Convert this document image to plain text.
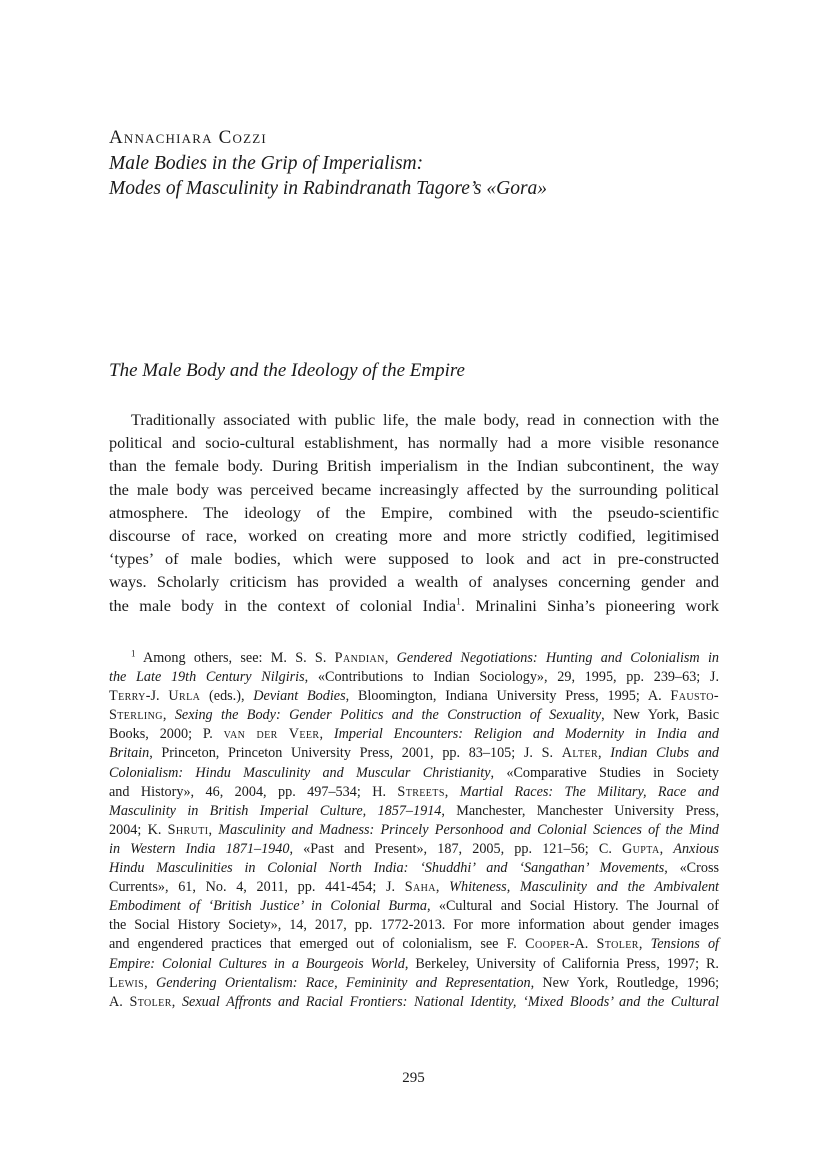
Annachiara Cozzi
Male Bodies in the Grip of Imperialism:
Modes of Masculinity in Rabindranath Tagore’s «Gora»
The Male Body and the Ideology of the Empire
Traditionally associated with public life, the male body, read in connection with the
political and socio-cultural establishment, has normally had a more visible resonance
than the female body. During British imperialism in the Indian subcontinent, the way
the male body was perceived became increasingly affected by the surrounding political
atmosphere. The ideology of the Empire, combined with the pseudo-scientific
discourse of race, worked on creating more and more strictly codified, legitimised
‘types’ of male bodies, which were supposed to look and act in pre-constructed
ways. Scholarly criticism has provided a wealth of analyses concerning gender and
the male body in the context of colonial India$^1$. Mrinalini Sinha’s pioneering work
$^1$ Among others, see: M. S. S. Pandian, Gendered Negotiations: Hunting and Colonialism in
the Late 19th Century Nilgiris, «Contributions to Indian Sociology», 29, 1995, pp. 239–63; J.
Terry-J. Urla (eds.), Deviant Bodies, Bloomington, Indiana University Press, 1995; A. Fausto-
Sterling, Sexing the Body: Gender Politics and the Construction of Sexuality, New York, Basic
Books, 2000; P. van der Veer, Imperial Encounters: Religion and Modernity in India and
Britain, Princeton, Princeton University Press, 2001, pp. 83–105; J. S. Alter, Indian Clubs and
Colonialism: Hindu Masculinity and Muscular Christianity, «Comparative Studies in Society
and History», 46, 2004, pp. 497–534; H. Streets, Martial Races: The Military, Race and
Masculinity in British Imperial Culture, 1857–1914, Manchester, Manchester University Press,
2004; K. Shruti, Masculinity and Madness: Princely Personhood and Colonial Sciences of the Mind
in Western India 1871–1940, «Past and Present», 187, 2005, pp. 121–56; C. Gupta, Anxious
Hindu Masculinities in Colonial North India: ‘Shuddhi’ and ‘Sangathan’ Movements, «Cross
Currents», 61, No. 4, 2011, pp. 441-454; J. Saha, Whiteness, Masculinity and the Ambivalent
Embodiment of ‘British Justice’ in Colonial Burma, «Cultural and Social History. The Journal of
the Social History Society», 14, 2017, pp. 1772-2013. For more information about gender images
and engendered practices that emerged out of colonialism, see F. Cooper-A. Stoler, Tensions of
Empire: Colonial Cultures in a Bourgeois World, Berkeley, University of California Press, 1997; R.
Lewis, Gendering Orientalism: Race, Femininity and Representation, New York, Routledge, 1996;
A. Stoler, Sexual Affronts and Racial Frontiers: National Identity, ‘Mixed Bloods’ and the Cultural
295
